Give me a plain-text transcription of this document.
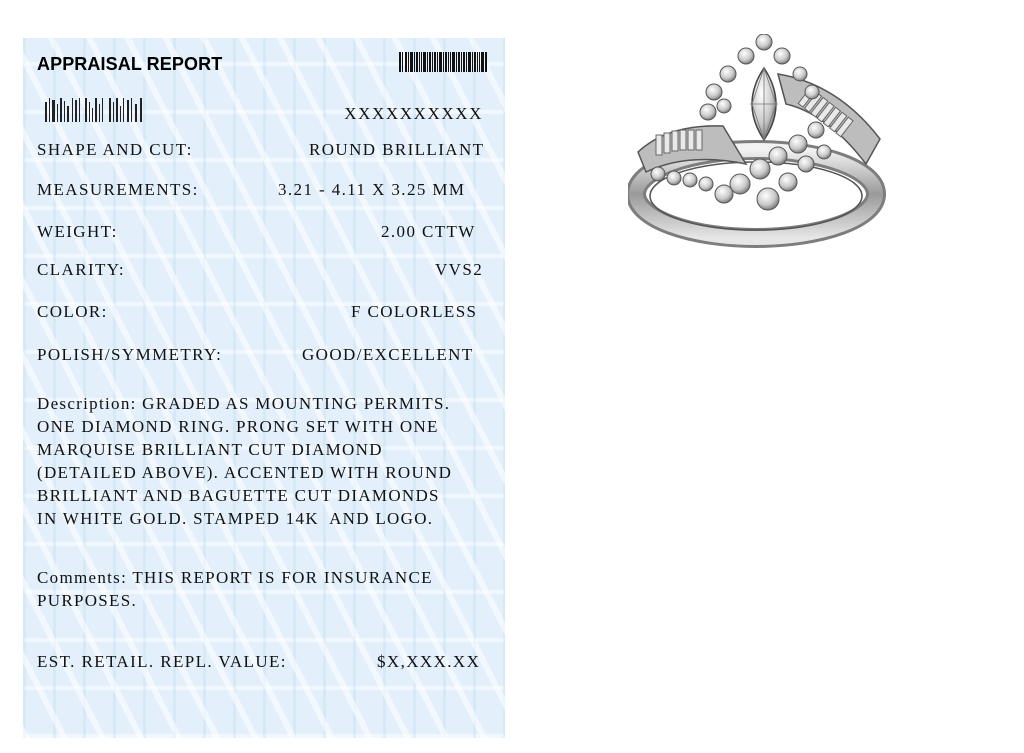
APPRAISAL REPORT
XXXXXXXXXX
SHAPE AND CUT:	ROUND BRILLIANT
MEASUREMENTS:	3.21 - 4.11 X 3.25 MM
WEIGHT:	2.00 CTTW
CLARITY:	VVS2
COLOR:	F COLORLESS
POLISH/SYMMETRY:	GOOD/EXCELLENT
Description: GRADED AS MOUNTING PERMITS.
ONE DIAMOND RING. PRONG SET WITH ONE
MARQUISE BRILLIANT CUT DIAMOND
(DETAILED ABOVE). ACCENTED WITH ROUND
BRILLIANT AND BAGUETTE CUT DIAMONDS
IN WHITE GOLD. STAMPED 14K  AND LOGO.
Comments: THIS REPORT IS FOR INSURANCE
PURPOSES.
EST. RETAIL. REPL. VALUE:	$X,XXX.XX
